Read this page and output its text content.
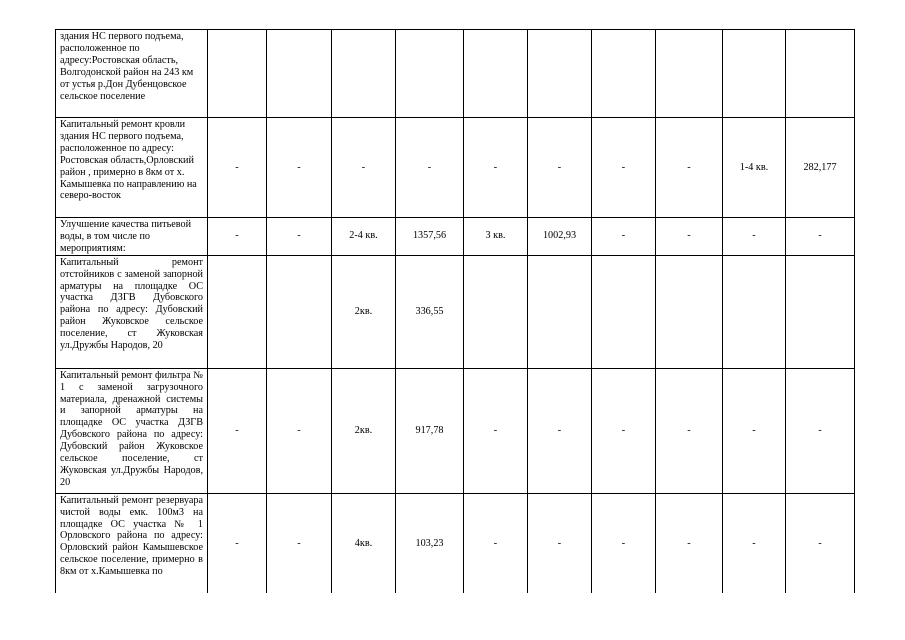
здания НС первого подъема, расположенное по адресу:Ростовская область, Волгодонской район на 243 км от устья р.Дон Дубенцовское сельское поселение										
Капитальный ремонт кровли здания НС первого подъема, расположенное по адресу: Ростовская область,Орловский район , примерно в 8км от х. Камышевка по направлению на северо-восток	-	-	-	-	-	-	-	-	1-4 кв.	282,177
Улучшение качества питьевой воды, в том числе по мероприятиям:	-	-	2-4 кв.	1357,56	3 кв.	1002,93	-	-	-	-
Капитальный ремонт отстойников с заменой запорной арматуры на площадке ОС участка ДЗГВ Дубовского района по адресу: Дубовский район Жуковское сельское поселение, ст Жуковская ул.Дружбы Народов, 20			2кв.	336,55						
Капитальный ремонт фильтра № 1 с заменой загрузочного материала, дренажной системы и запорной арматуры на площадке ОС участка ДЗГВ Дубовского района по адресу: Дубовский район Жуковское сельское поселение, ст Жуковская ул.Дружбы Народов, 20	-	-	2кв.	917,78	-	-	-	-	-	-
Капитальный ремонт резервуара чистой воды емк. 100м3 на площадке ОС участка № 1 Орловского района по адресу: Орловский район Камышевское сельское поселение, примерно в 8км от х.Камышевка по	-	-	4кв.	103,23	-	-	-	-	-	-
